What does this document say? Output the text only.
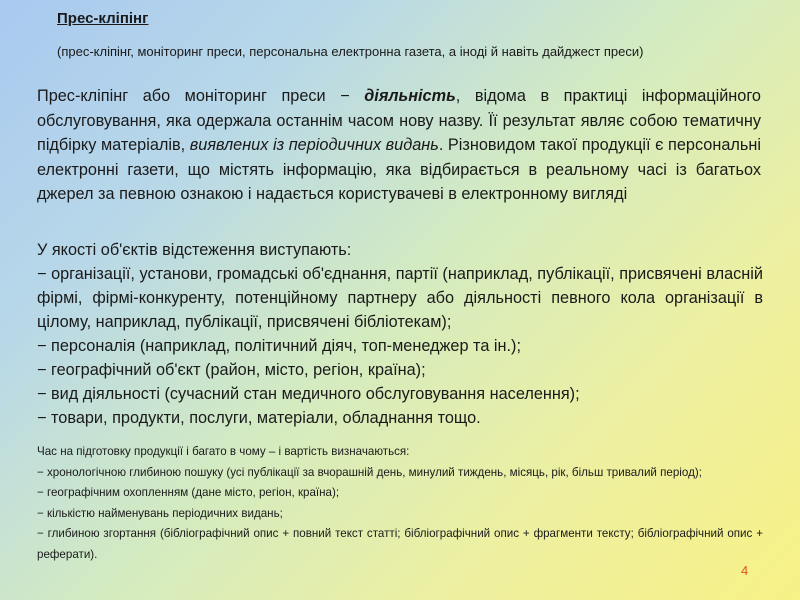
Прес-кліпінг
(прес-кліпінг, моніторинг преси, персональна електронна газета, а іноді й навіть дайджест преси)
Прес-кліпінг або моніторинг преси − діяльність, відома в практиці інформаційного обслуговування, яка одержала останнім часом нову назву. Її результат являє собою тематичну підбірку матеріалів, виявлених із періодичних видань. Різновидом такої продукції є персональні електронні газети, що містять інформацію, яка відбирається в реальному часі із багатьох джерел за певною ознакою і надається користувачеві в електронному вигляді
У якості об'єктів відстеження виступають:
− організації, установи, громадські об'єднання, партії (наприклад, публікації, присвячені власній фірмі, фірмі-конкуренту, потенційному партнеру або діяльності певного кола організації в цілому, наприклад, публікації, присвячені бібліотекам);
− персоналія (наприклад, політичний діяч, топ-менеджер та ін.);
− географічний об'єкт (район, місто, регіон, країна);
− вид діяльності (сучасний стан медичного обслуговування населення);
− товари, продукти, послуги, матеріали, обладнання тощо.
Час на підготовку продукції і багато в чому – і вартість визначаються:
− хронологічною глибиною пошуку (усі публікації за вчорашній день, минулий тиждень, місяць, рік, більш тривалий період);
− географічним охопленням (дане місто, регіон, країна);
− кількістю найменувань періодичних видань;
− глибиною згортання (бібліографічний опис + повний текст статті; бібліографічний опис + фрагменти тексту; бібліографічний опис + реферати).
4
